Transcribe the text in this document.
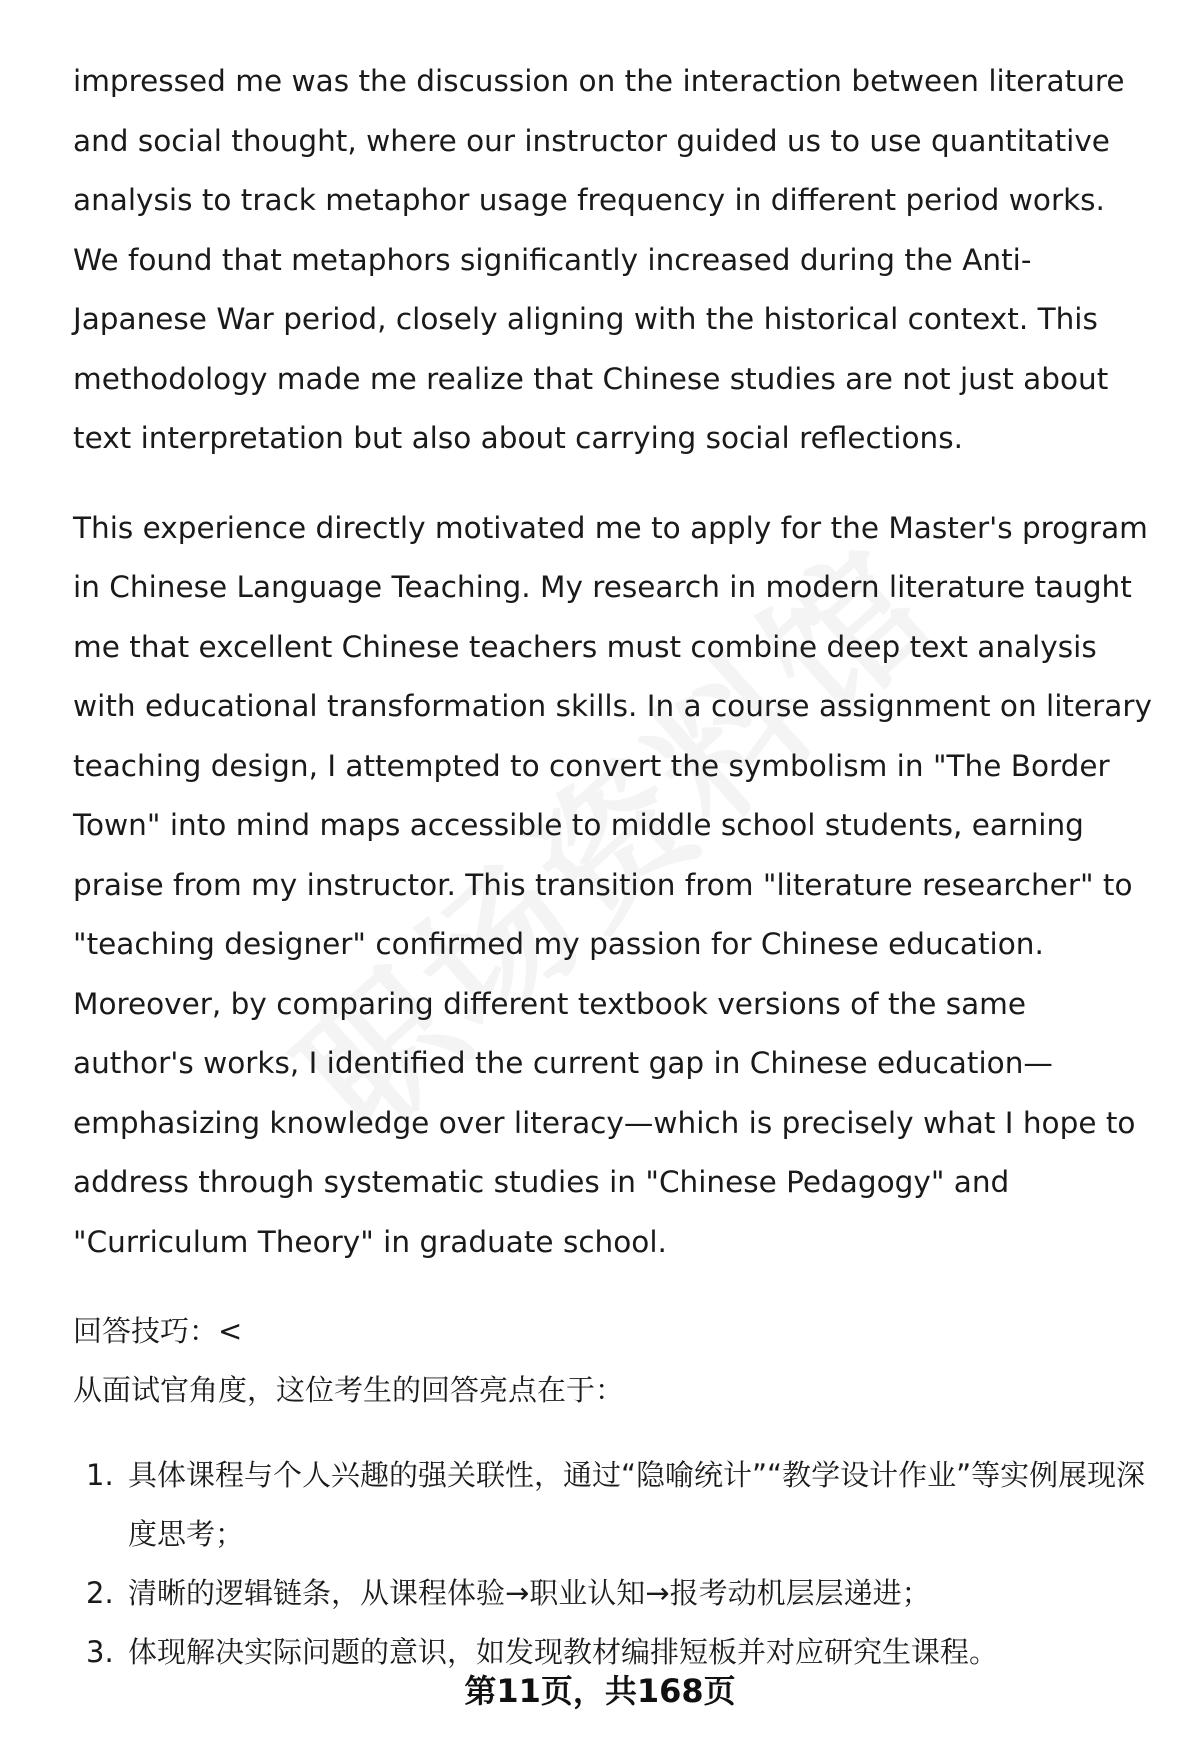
impressed me was the discussion on the interaction between literature and social thought, where our instructor guided us to use quantitative analysis to track metaphor usage frequency in different period works. We found that metaphors significantly increased during the Anti-Japanese War period, closely aligning with the historical context. This methodology made me realize that Chinese studies are not just about text interpretation but also about carrying social reflections.

This experience directly motivated me to apply for the Master's program in Chinese Language Teaching. My research in modern literature taught me that excellent Chinese teachers must combine deep text analysis with educational transformation skills. In a course assignment on literary teaching design, I attempted to convert the symbolism in "The Border Town" into mind maps accessible to middle school students, earning praise from my instructor. This transition from "literature researcher" to "teaching designer" confirmed my passion for Chinese education. Moreover, by comparing different textbook versions of the same author's works, I identified the current gap in Chinese education—emphasizing knowledge over literacy—which is precisely what I hope to address through systematic studies in "Chinese Pedagogy" and "Curriculum Theory" in graduate school.

回答技巧：<
从面试官角度，这位考生的回答亮点在于：
1. 具体课程与个人兴趣的强关联性，通过“隐喻统计”“教学设计作业”等实例展现深度思考；
2. 清晰的逻辑链条，从课程体验→职业认知→报考动机层层递进；
3. 体现解决实际问题的意识，如发现教材编排短板并对应研究生课程。
第11页，共168页
